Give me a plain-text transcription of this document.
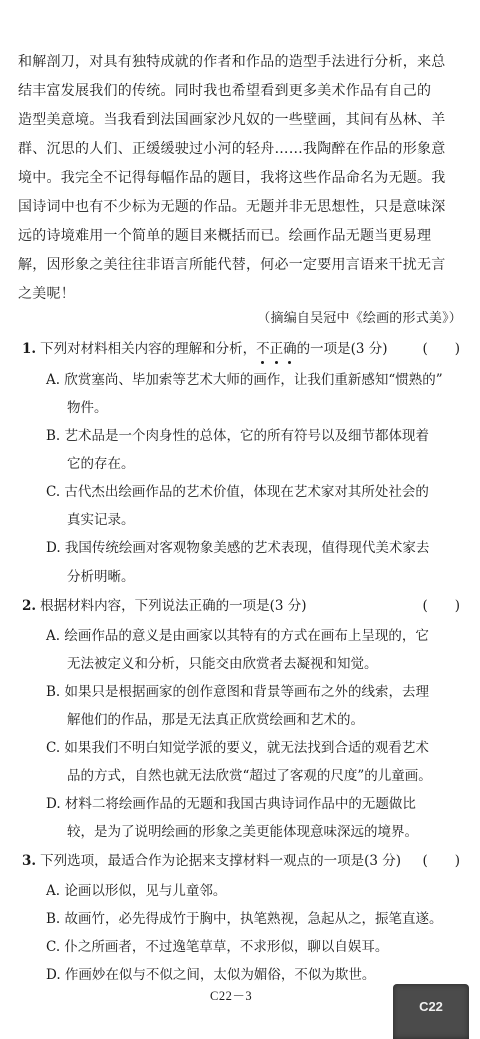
和解剖刀，对具有独特成就的作者和作品的造型手法进行分析，来总
结丰富发展我们的传统。同时我也希望看到更多美术作品有自己的
造型美意境。当我看到法国画家沙凡奴的一些壁画，其间有丛林、羊
群、沉思的人们、正缓缓驶过小河的轻舟……我陶醉在作品的形象意
境中。我完全不记得每幅作品的题目，我将这些作品命名为无题。我
国诗词中也有不少标为无题的作品。无题并非无思想性，只是意味深
远的诗境难用一个简单的题目来概括而已。绘画作品无题当更易理
解，因形象之美往往非语言所能代替，何必一定要用言语来干扰无言
之美呢！
（摘编自吴冠中《绘画的形式美》）
1. 下列对材料相关内容的理解和分析，不正确的一项是(3 分)	(　　)
A. 欣赏塞尚、毕加索等艺术大师的画作，让我们重新感知“惯熟的”
物件。
B. 艺术品是一个肉身性的总体，它的所有符号以及细节都体现着
它的存在。
C. 古代杰出绘画作品的艺术价值，体现在艺术家对其所处社会的
真实记录。
D. 我国传统绘画对客观物象美感的艺术表现，值得现代美术家去
分析明晰。
2. 根据材料内容，下列说法正确的一项是(3 分)	(　　)
A. 绘画作品的意义是由画家以其特有的方式在画布上呈现的，它
无法被定义和分析，只能交由欣赏者去凝视和知觉。
B. 如果只是根据画家的创作意图和背景等画布之外的线索，去理
解他们的作品，那是无法真正欣赏绘画和艺术的。
C. 如果我们不明白知觉学派的要义，就无法找到合适的观看艺术
品的方式，自然也就无法欣赏“超过了客观的尺度”的儿童画。
D. 材料二将绘画作品的无题和我国古典诗词作品中的无题做比
较，是为了说明绘画的形象之美更能体现意味深远的境界。
3. 下列选项，最适合作为论据来支撑材料一观点的一项是(3 分) (　　)
A. 论画以形似，见与儿童邻。
B. 故画竹，必先得成竹于胸中，执笔熟视，急起从之，振笔直遂。
C. 仆之所画者，不过逸笔草草，不求形似，聊以自娱耳。
D. 作画妙在似与不似之间，太似为媚俗，不似为欺世。
C22－3
C22
